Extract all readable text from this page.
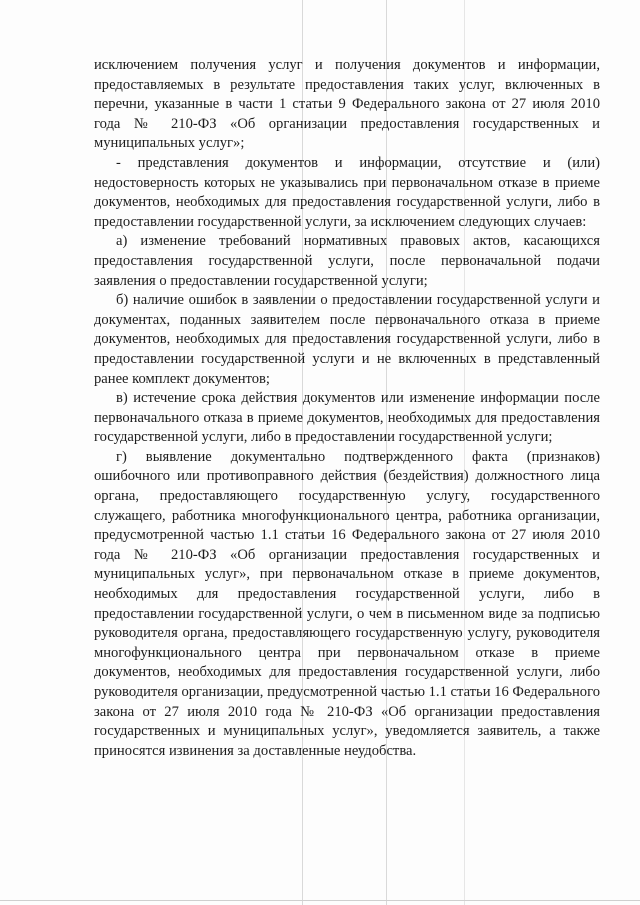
исключением получения услуг и получения документов и информации, предоставляемых в результате предоставления таких услуг, включенных в перечни, указанные в части 1 статьи 9 Федерального закона от 27 июля 2010 года № 210-ФЗ «Об организации предоставления государственных и муниципальных услуг»;

- представления документов и информации, отсутствие и (или) недостоверность которых не указывались при первоначальном отказе в приеме документов, необходимых для предоставления государственной услуги, либо в предоставлении государственной услуги, за исключением следующих случаев:

а) изменение требований нормативных правовых актов, касающихся предоставления государственной услуги, после первоначальной подачи заявления о предоставлении государственной услуги;

б) наличие ошибок в заявлении о предоставлении государственной услуги и документах, поданных заявителем после первоначального отказа в приеме документов, необходимых для предоставления государственной услуги, либо в предоставлении государственной услуги и не включенных в представленный ранее комплект документов;

в) истечение срока действия документов или изменение информации после первоначального отказа в приеме документов, необходимых для предоставления государственной услуги, либо в предоставлении государственной услуги;

г) выявление документально подтвержденного факта (признаков) ошибочного или противоправного действия (бездействия) должностного лица органа, предоставляющего государственную услугу, государственного служащего, работника многофункционального центра, работника организации, предусмотренной частью 1.1 статьи 16 Федерального закона от 27 июля 2010 года № 210-ФЗ «Об организации предоставления государственных и муниципальных услуг», при первоначальном отказе в приеме документов, необходимых для предоставления государственной услуги, либо в предоставлении государственной услуги, о чем в письменном виде за подписью руководителя органа, предоставляющего государственную услугу, руководителя многофункционального центра при первоначальном отказе в приеме документов, необходимых для предоставления государственной услуги, либо руководителя организации, предусмотренной частью 1.1 статьи 16 Федерального закона от 27 июля 2010 года № 210-ФЗ «Об организации предоставления государственных и муниципальных услуг», уведомляется заявитель, а также приносятся извинения за доставленные неудобства.
